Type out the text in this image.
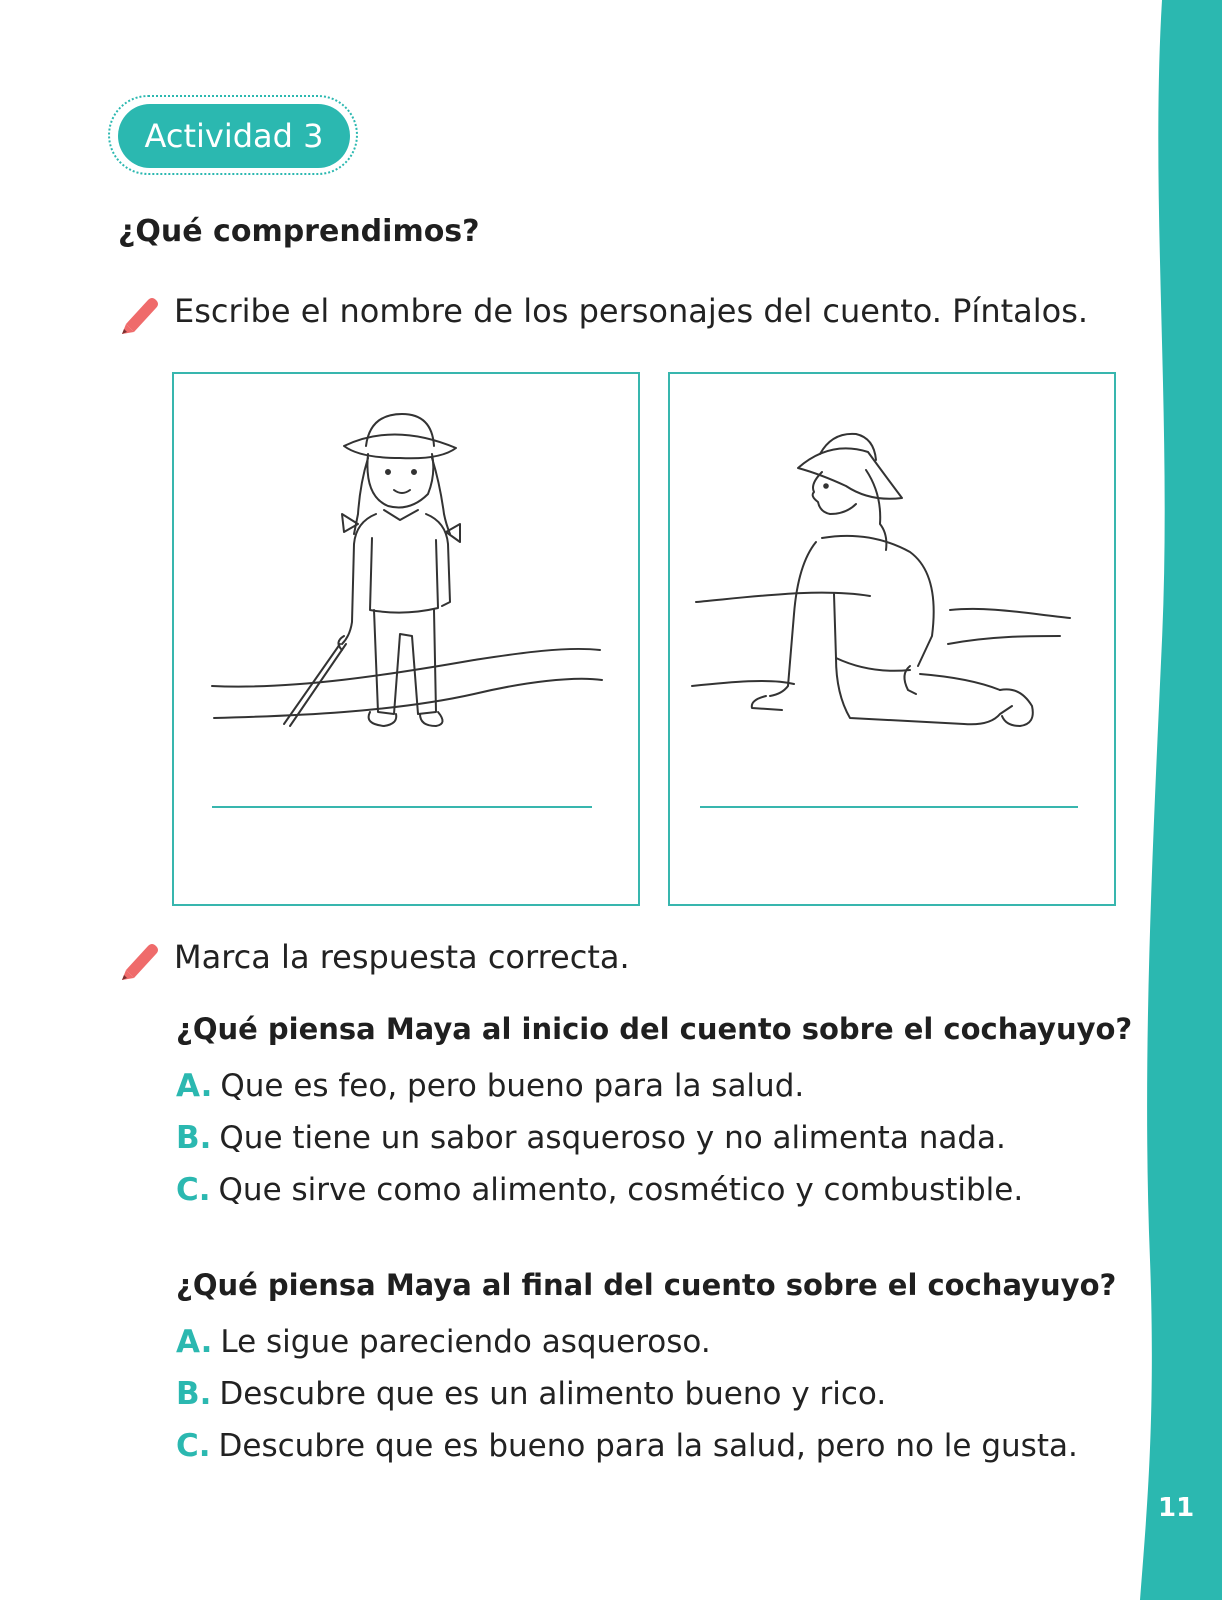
Actividad 3
¿Qué comprendimos?
Escribe el nombre de los personajes del cuento. Píntalos.
Marca la respuesta correcta.
¿Qué piensa Maya al inicio del cuento sobre el cochayuyo?
A. Que es feo, pero bueno para la salud.
B. Que tiene un sabor asqueroso y no alimenta nada.
C. Que sirve como alimento, cosmético y combustible.
¿Qué piensa Maya al final del cuento sobre el cochayuyo?
A. Le sigue pareciendo asqueroso.
B. Descubre que es un alimento bueno y rico.
C. Descubre que es bueno para la salud, pero no le gusta.
11
